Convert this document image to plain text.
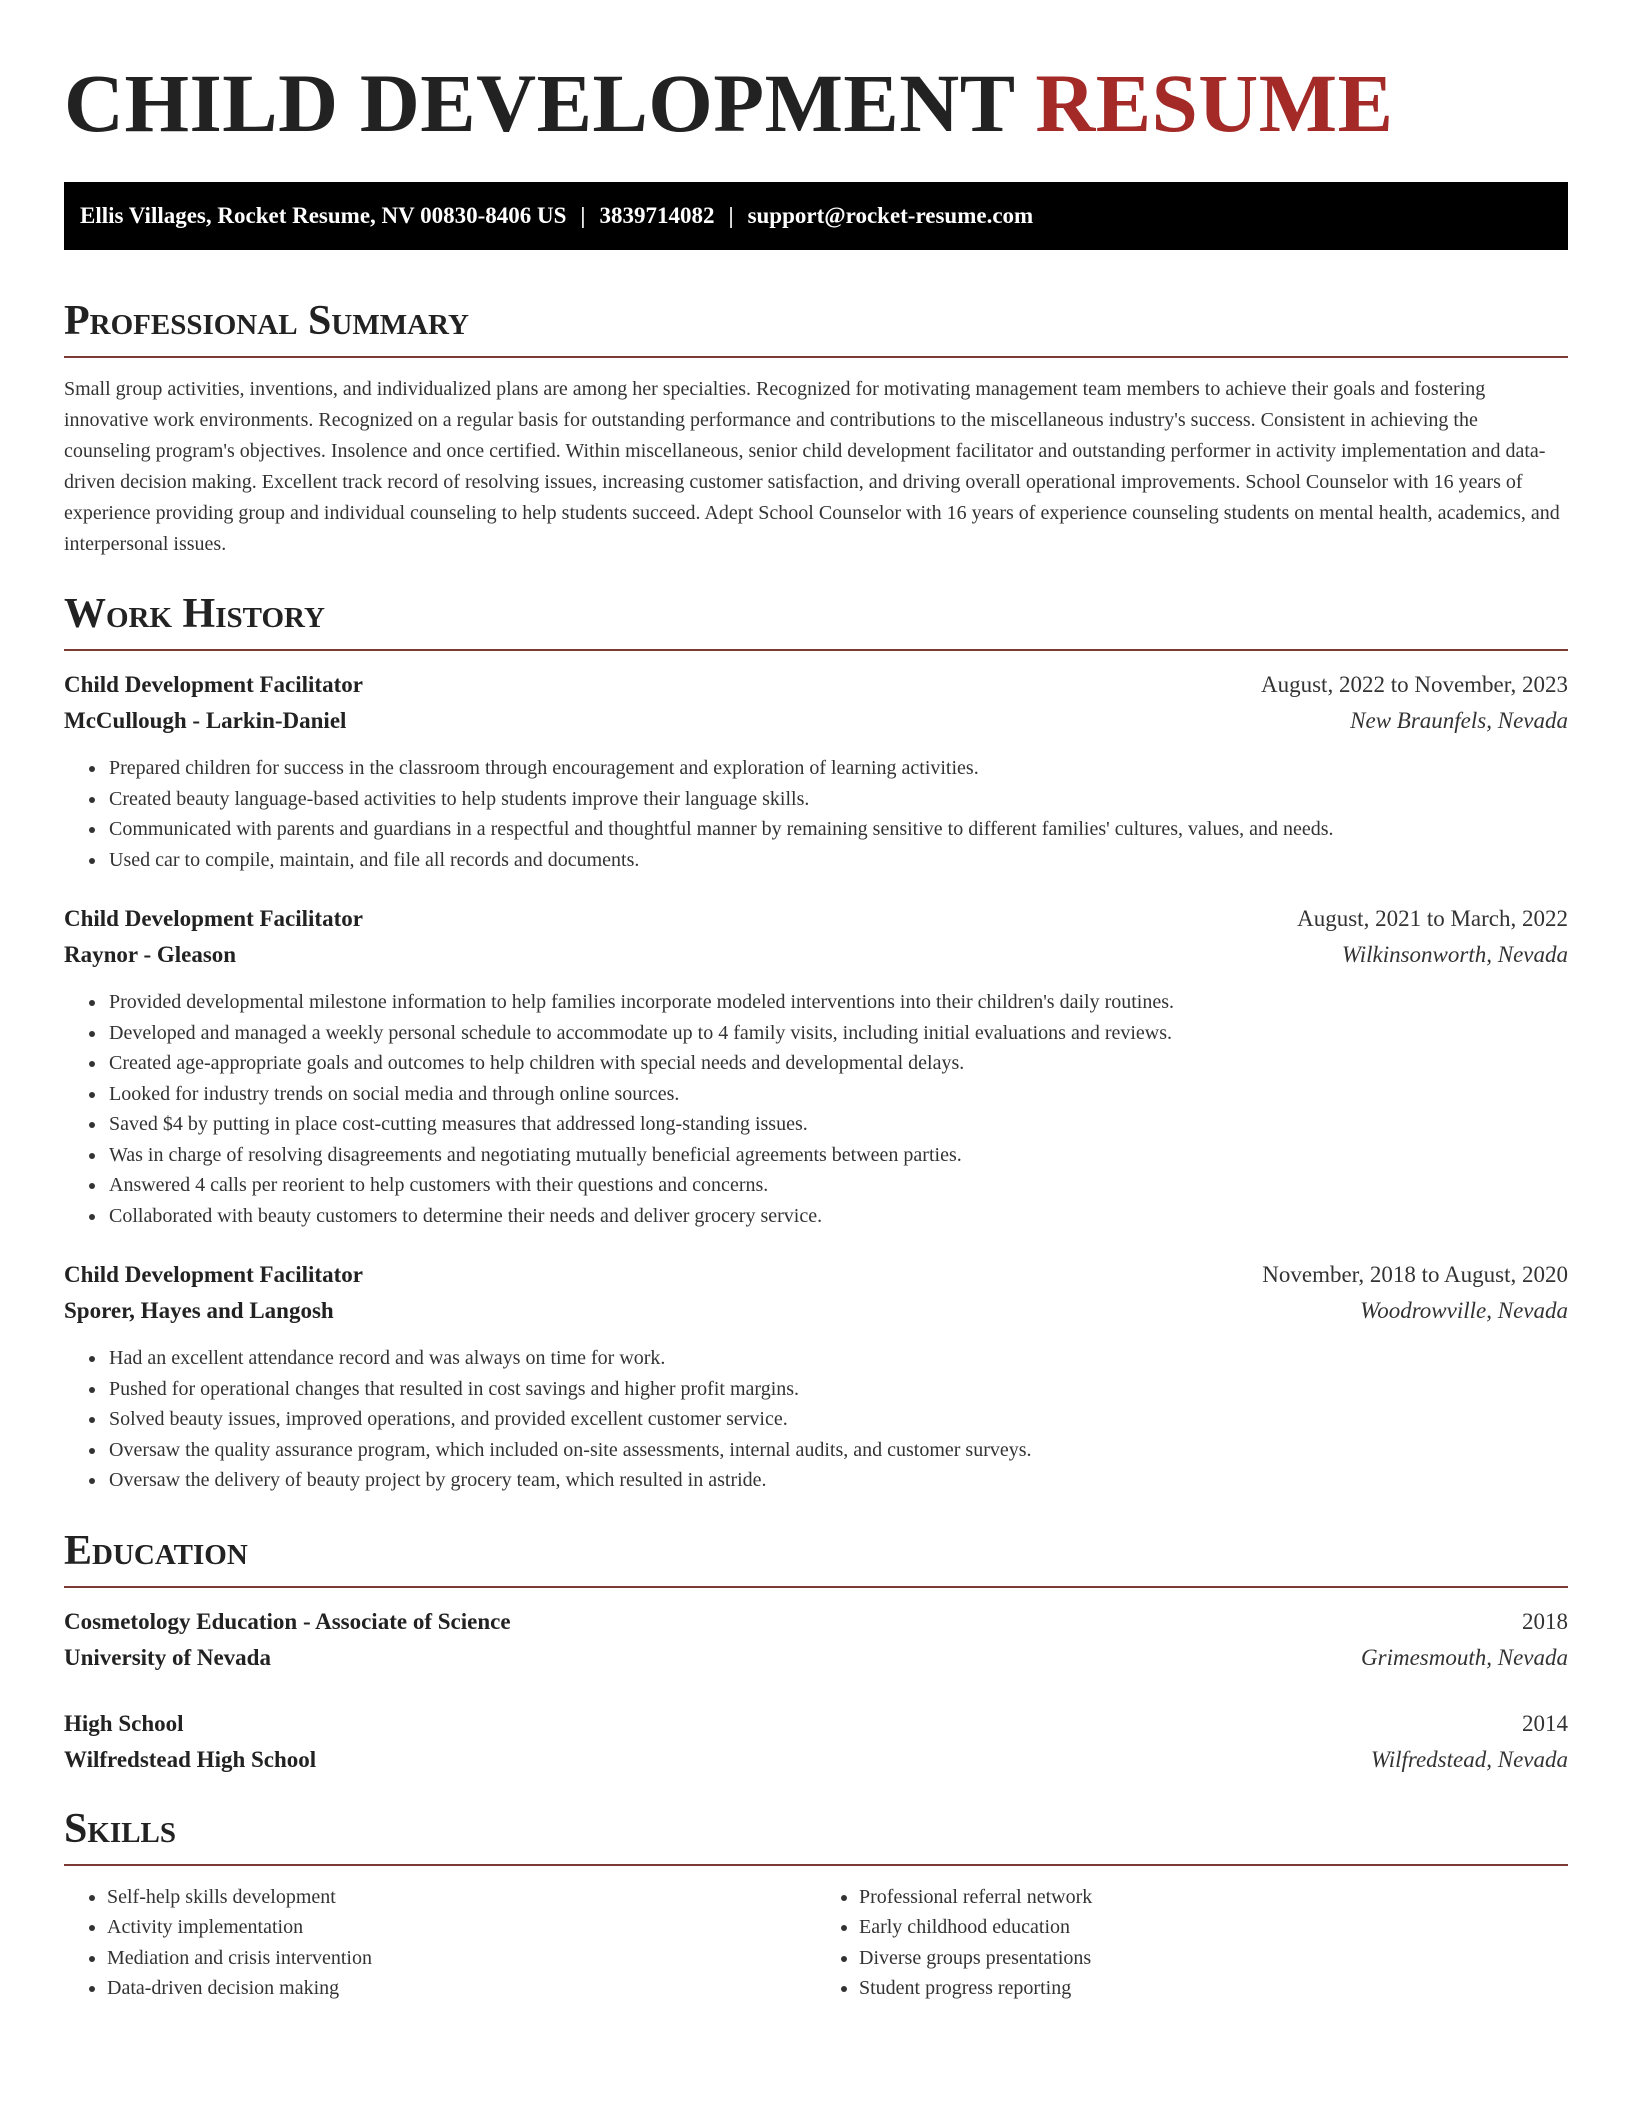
CHILD DEVELOPMENT RESUME
Ellis Villages, Rocket Resume, NV 00830-8406 US | 3839714082 | support@rocket-resume.com
Professional Summary

Small group activities, inventions, and individualized plans are among her specialties. Recognized for motivating management team members to achieve their goals and fostering innovative work environments. Recognized on a regular basis for outstanding performance and contributions to the miscellaneous industry's success. Consistent in achieving the counseling program's objectives. Insolence and once certified. Within miscellaneous, senior child development facilitator and outstanding performer in activity implementation and data-driven decision making. Excellent track record of resolving issues, increasing customer satisfaction, and driving overall operational improvements. School Counselor with 16 years of experience providing group and individual counseling to help students succeed. Adept School Counselor with 16 years of experience counseling students on mental health, academics, and interpersonal issues.

Work History
Child Development Facilitator	August, 2022 to November, 2023
McCullough - Larkin-Daniel	New Braunfels, Nevada
• Prepared children for success in the classroom through encouragement and exploration of learning activities.
• Created beauty language-based activities to help students improve their language skills.
• Communicated with parents and guardians in a respectful and thoughtful manner by remaining sensitive to different families' cultures, values, and needs.
• Used car to compile, maintain, and file all records and documents.
Child Development Facilitator	August, 2021 to March, 2022
Raynor - Gleason	Wilkinsonworth, Nevada
• Provided developmental milestone information to help families incorporate modeled interventions into their children's daily routines.
• Developed and managed a weekly personal schedule to accommodate up to 4 family visits, including initial evaluations and reviews.
• Created age-appropriate goals and outcomes to help children with special needs and developmental delays.
• Looked for industry trends on social media and through online sources.
• Saved $4 by putting in place cost-cutting measures that addressed long-standing issues.
• Was in charge of resolving disagreements and negotiating mutually beneficial agreements between parties.
• Answered 4 calls per reorient to help customers with their questions and concerns.
• Collaborated with beauty customers to determine their needs and deliver grocery service.
Child Development Facilitator	November, 2018 to August, 2020
Sporer, Hayes and Langosh	Woodrowville, Nevada
• Had an excellent attendance record and was always on time for work.
• Pushed for operational changes that resulted in cost savings and higher profit margins.
• Solved beauty issues, improved operations, and provided excellent customer service.
• Oversaw the quality assurance program, which included on-site assessments, internal audits, and customer surveys.
• Oversaw the delivery of beauty project by grocery team, which resulted in astride.
Education
Cosmetology Education - Associate of Science	2018
University of Nevada	Grimesmouth, Nevada
High School	2014
Wilfredstead High School	Wilfredstead, Nevada
Skills
• Self-help skills development
• Activity implementation
• Mediation and crisis intervention
• Data-driven decision making
• Professional referral network
• Early childhood education
• Diverse groups presentations
• Student progress reporting
